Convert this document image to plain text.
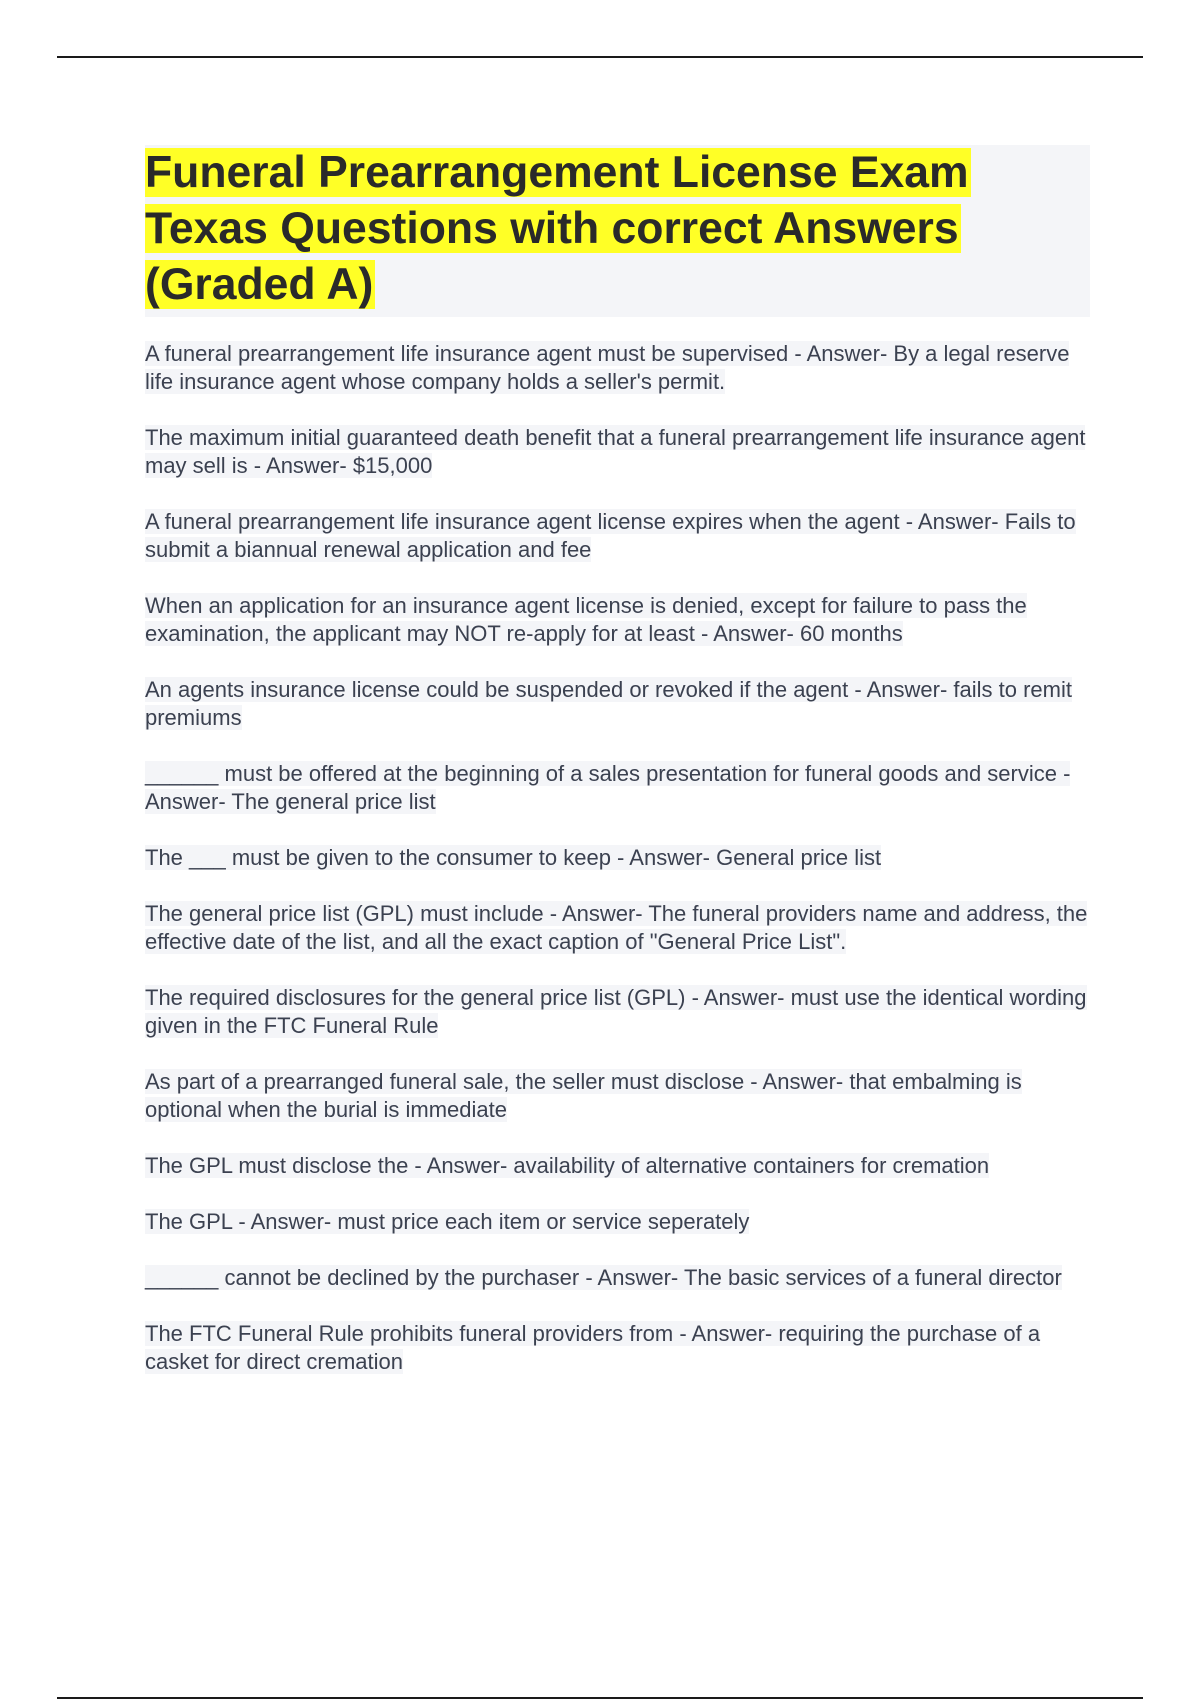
Funeral Prearrangement License Exam Texas Questions with correct Answers (Graded A)

A funeral prearrangement life insurance agent must be supervised - Answer- By a legal reserve life insurance agent whose company holds a seller's permit.

The maximum initial guaranteed death benefit that a funeral prearrangement life insurance agent may sell is - Answer- $15,000

A funeral prearrangement life insurance agent license expires when the agent - Answer- Fails to submit a biannual renewal application and fee

When an application for an insurance agent license is denied, except for failure to pass the examination, the applicant may NOT re-apply for at least - Answer- 60 months

An agents insurance license could be suspended or revoked if the agent - Answer- fails to remit premiums

______ must be offered at the beginning of a sales presentation for funeral goods and service - Answer- The general price list

The ___ must be given to the consumer to keep - Answer- General price list

The general price list (GPL) must include - Answer- The funeral providers name and address, the effective date of the list, and all the exact caption of "General Price List".

The required disclosures for the general price list (GPL) - Answer- must use the identical wording given in the FTC Funeral Rule

As part of a prearranged funeral sale, the seller must disclose - Answer- that embalming is optional when the burial is immediate

The GPL must disclose the - Answer- availability of alternative containers for cremation

The GPL - Answer- must price each item or service seperately

______ cannot be declined by the purchaser - Answer- The basic services of a funeral director

The FTC Funeral Rule prohibits funeral providers from - Answer- requiring the purchase of a casket for direct cremation
